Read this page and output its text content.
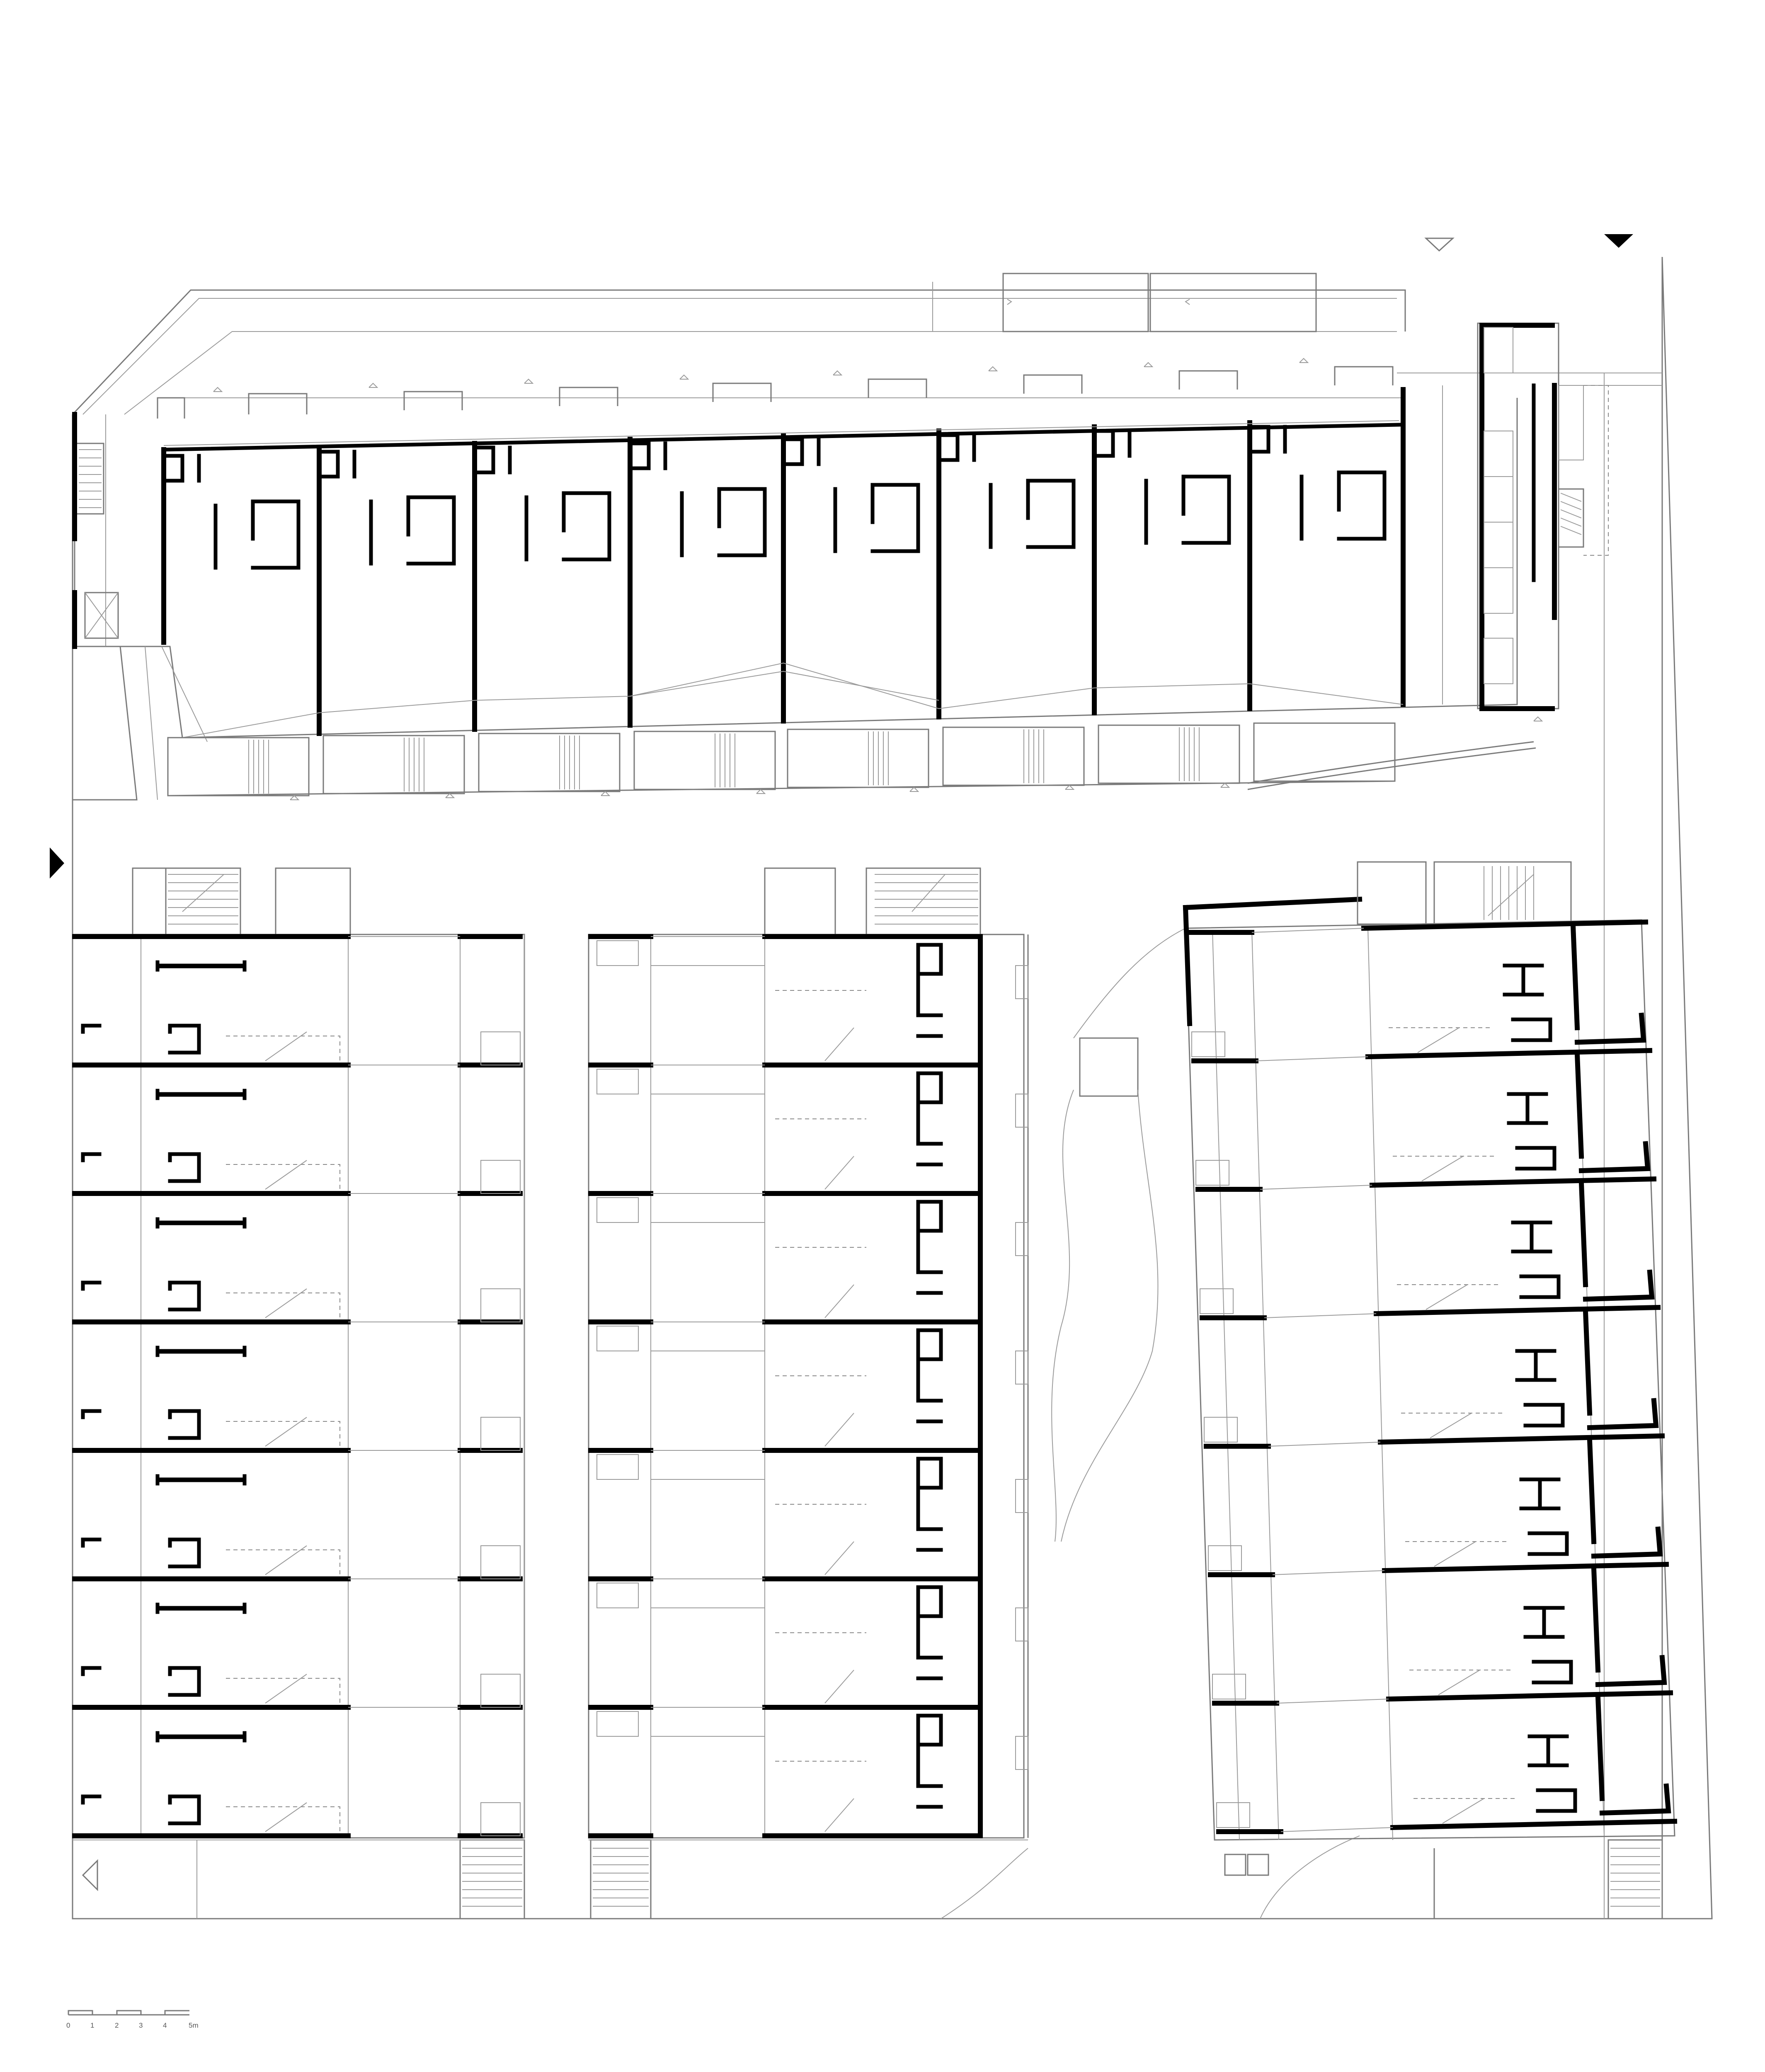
0	1	2	3	4	5m
